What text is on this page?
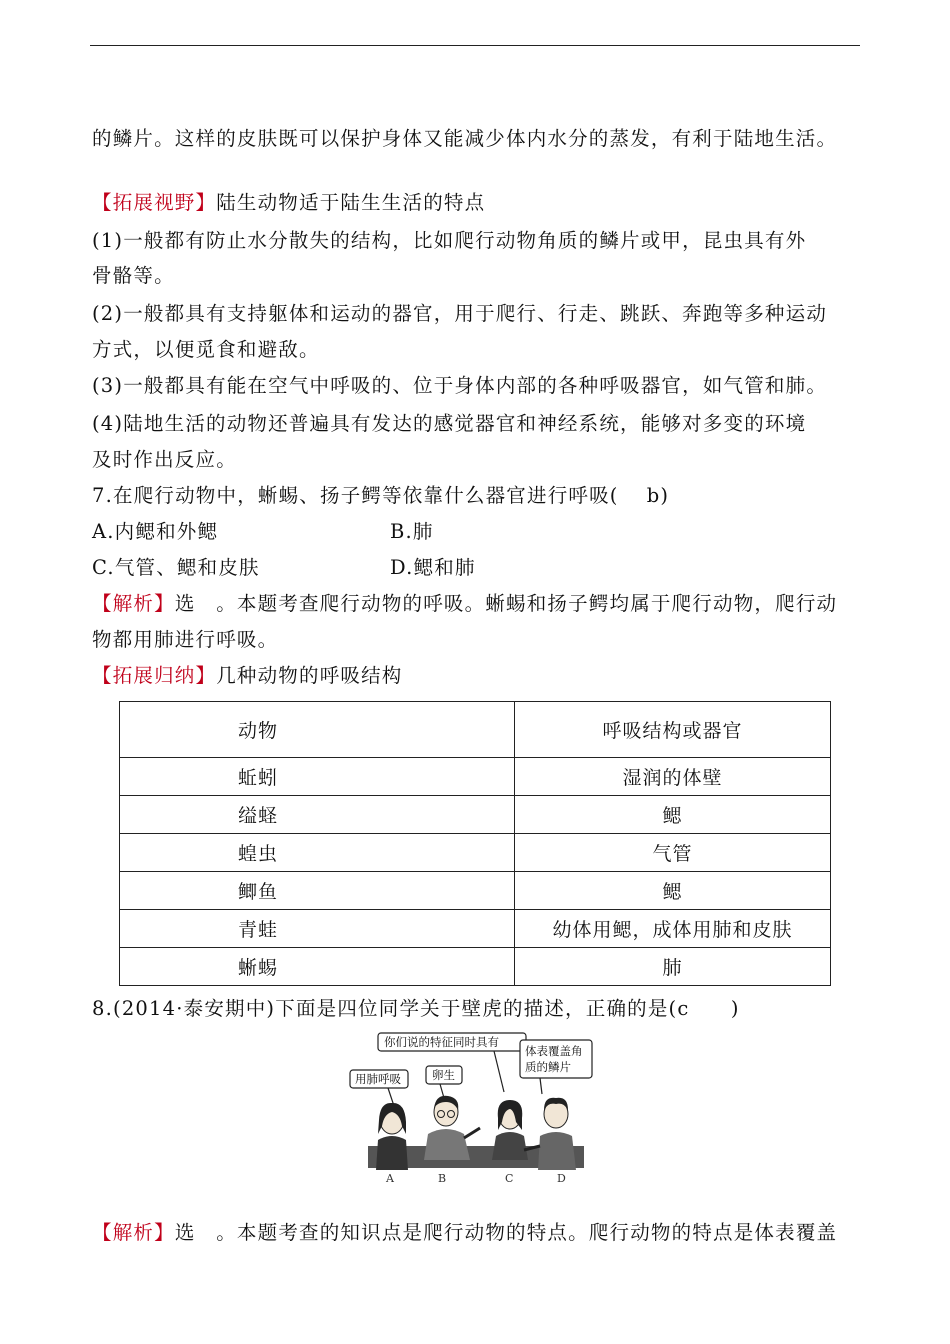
的鳞片。这样的皮肤既可以保护身体又能减少体内水分的蒸发，有利于陆地生活。
【拓展视野】陆生动物适于陆生生活的特点
(1)一般都有防止水分散失的结构，比如爬行动物角质的鳞片或甲，昆虫具有外
骨骼等。
(2)一般都具有支持躯体和运动的器官，用于爬行、行走、跳跃、奔跑等多种运动
方式，以便觅食和避敌。
(3)一般都具有能在空气中呼吸的、位于身体内部的各种呼吸器官，如气管和肺。
(4)陆地生活的动物还普遍具有发达的感觉器官和神经系统，能够对多变的环境
及时作出反应。
7.在爬行动物中，蜥蜴、扬子鳄等依靠什么器官进行呼吸(　 b)
A.内鳃和外鳃	B.肺
C.气管、鳃和皮肤	D.鳃和肺
【解析】选　。本题考查爬行动物的呼吸。蜥蜴和扬子鳄均属于爬行动物，爬行动
物都用肺进行呼吸。
【拓展归纳】几种动物的呼吸结构
动物	呼吸结构或器官
蚯蚓	湿润的体壁
缢蛏	鳃
蝗虫	气管
鲫鱼	鳃
青蛙	幼体用鳃，成体用肺和皮肤
蜥蜴	肺
8.(2014·泰安期中)下面是四位同学关于壁虎的描述，正确的是(c　　)
你们说的特征同时具有
体表覆盖角
质的鳞片
用肺呼吸	卵生
A	B	C	D
【解析】选　。本题考查的知识点是爬行动物的特点。爬行动物的特点是体表覆盖
